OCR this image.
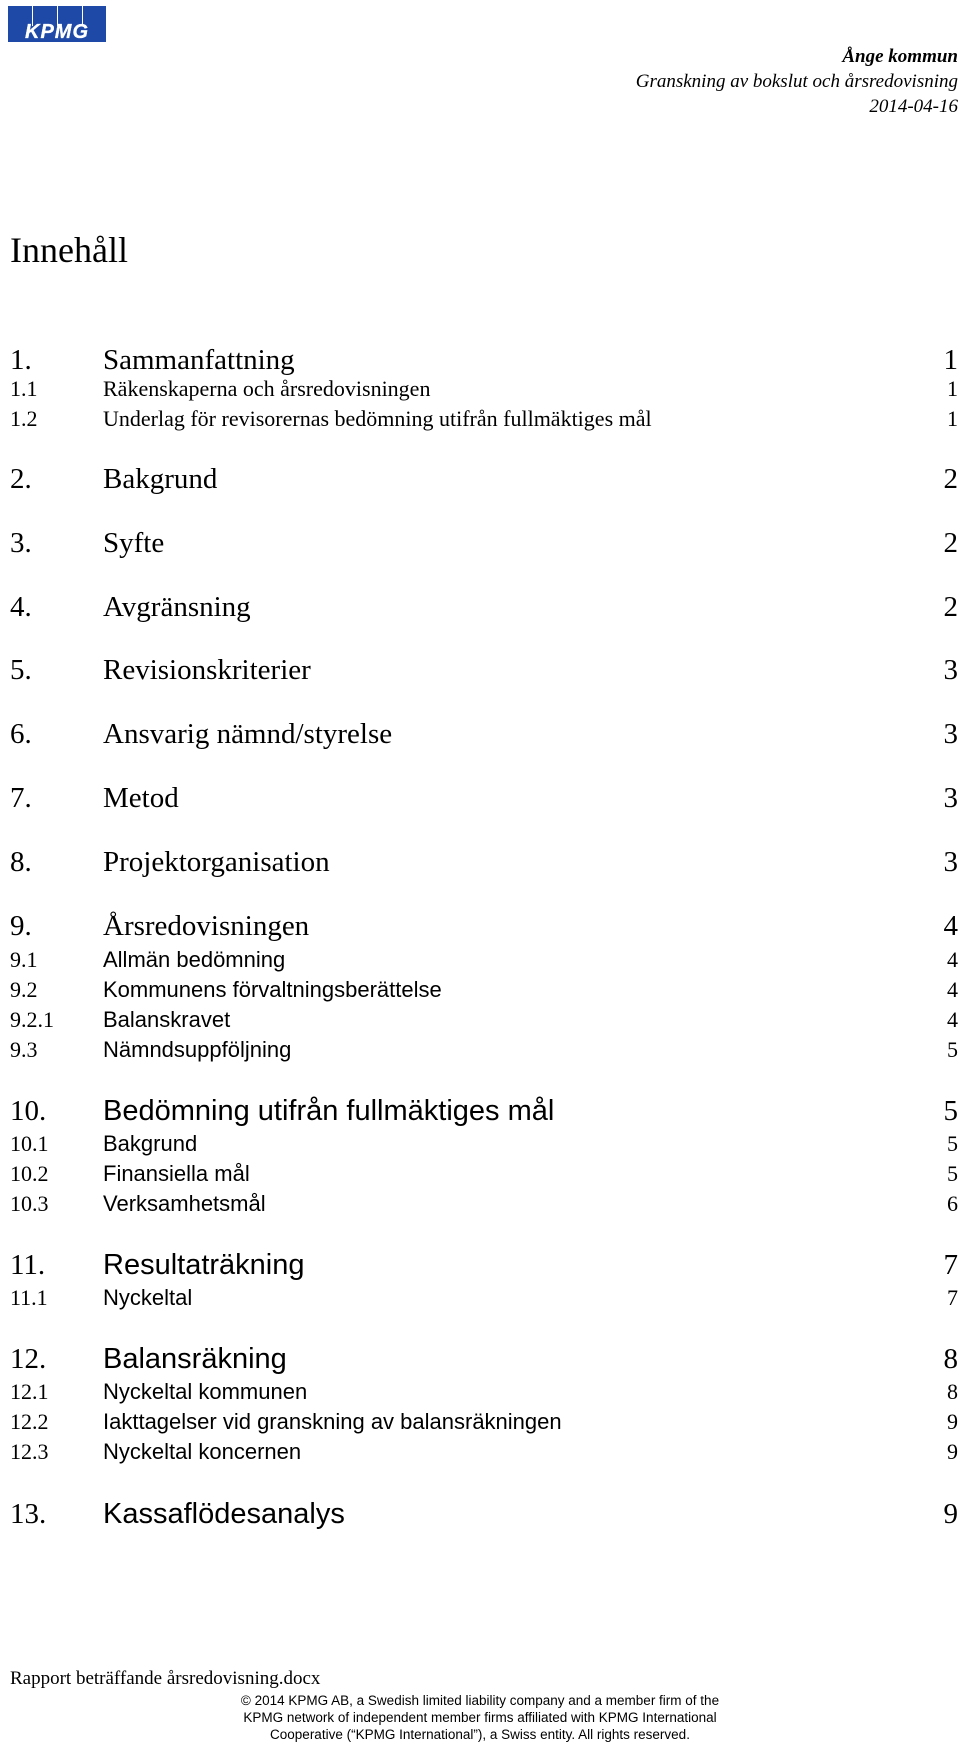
KPMG
Ånge kommun
Granskning av bokslut och årsredovisning
2014-04-16
Innehåll
1.	Sammanfattning	1
1.1	Räkenskaperna och årsredovisningen	1
1.2	Underlag för revisorernas bedömning utifrån fullmäktiges mål	1
2.	Bakgrund	2
3.	Syfte	2
4.	Avgränsning	2
5.	Revisionskriterier	3
6.	Ansvarig nämnd/styrelse	3
7.	Metod	3
8.	Projektorganisation	3
9.	Årsredovisningen	4
9.1	Allmän bedömning	4
9.2	Kommunens förvaltningsberättelse	4
9.2.1	Balanskravet	4
9.3	Nämndsuppföljning	5
10.	Bedömning utifrån fullmäktiges mål	5
10.1	Bakgrund	5
10.2	Finansiella mål	5
10.3	Verksamhetsmål	6
11.	Resultaträkning	7
11.1	Nyckeltal	7
12.	Balansräkning	8
12.1	Nyckeltal kommunen	8
12.2	Iakttagelser vid granskning av balansräkningen	9
12.3	Nyckeltal koncernen	9
13.	Kassaflödesanalys	9
Rapport beträffande årsredovisning.docx
© 2014 KPMG AB, a Swedish limited liability company and a member firm of the
KPMG network of independent member firms affiliated with KPMG International
Cooperative (“KPMG International”), a Swiss entity. All rights reserved.
